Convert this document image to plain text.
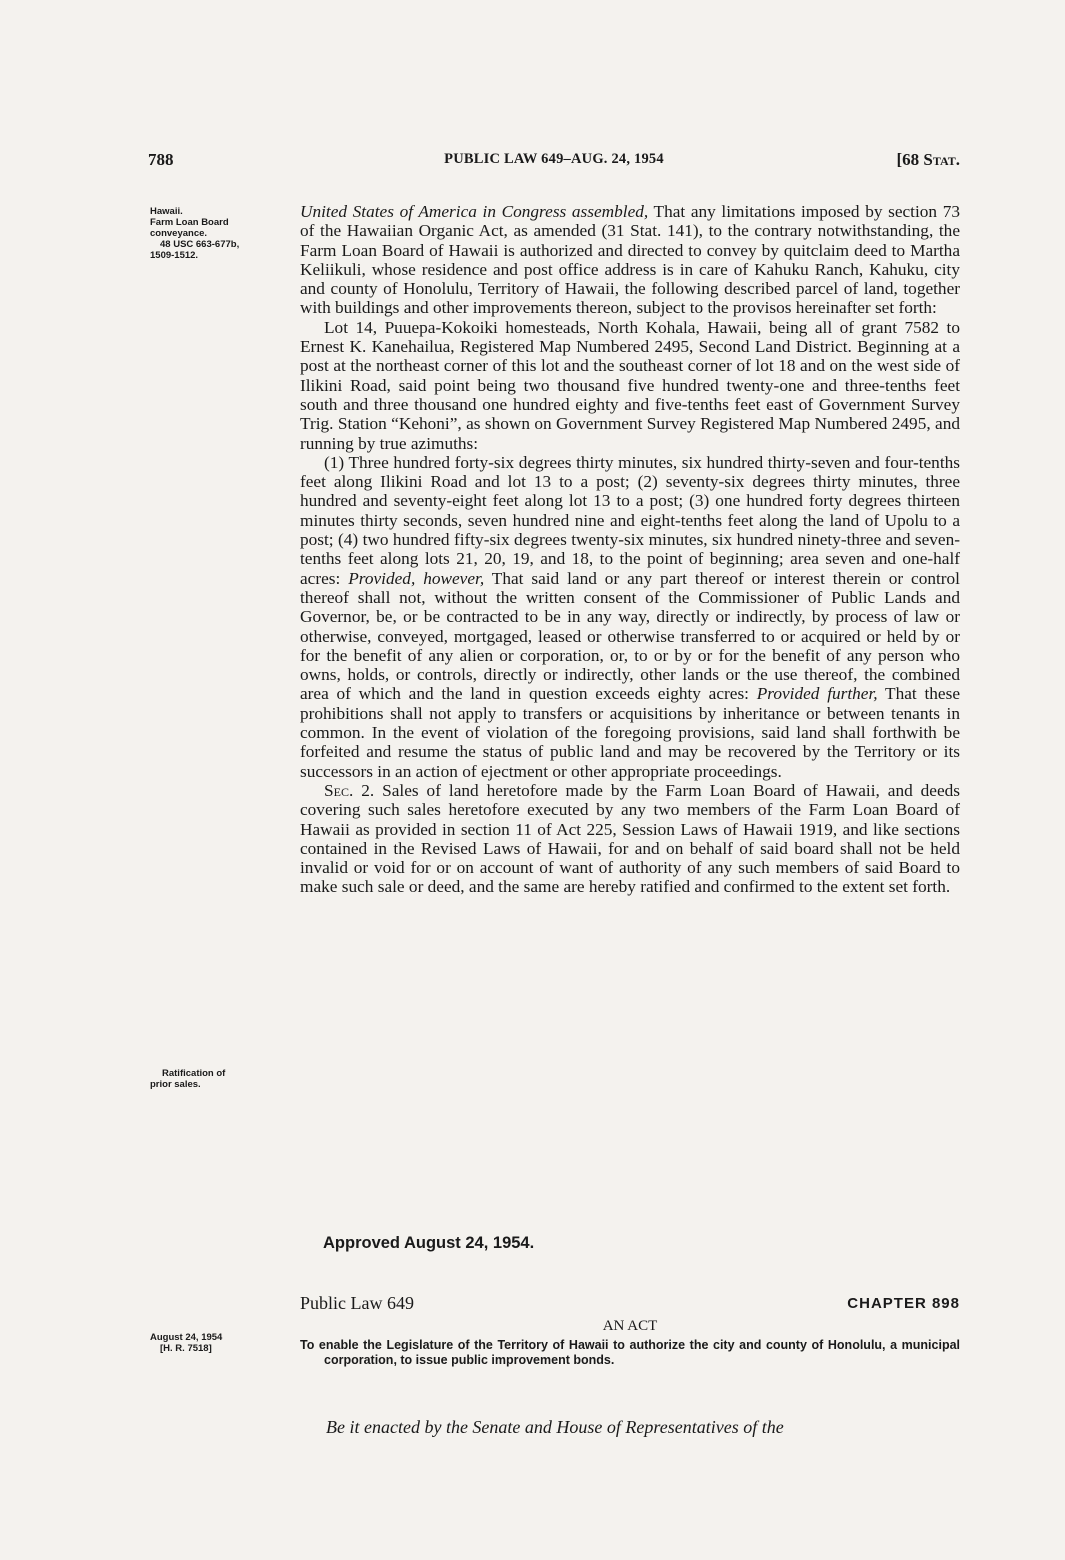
788	PUBLIC LAW 649–AUG. 24, 1954	[68 Stat.
Hawaii.
Farm Loan Board
conveyance.
48 USC 663-677b,
1509-1512.
Ratification of
prior sales.

United States of America in Congress assembled, That any limitations imposed by section 73 of the Hawaiian Organic Act, as amended (31 Stat. 141), to the contrary notwithstanding, the Farm Loan Board of Hawaii is authorized and directed to convey by quitclaim deed to Martha Keliikuli, whose residence and post office address is in care of Kahuku Ranch, Kahuku, city and county of Honolulu, Territory of Hawaii, the following described parcel of land, together with buildings and other improvements thereon, subject to the provisos hereinafter set forth:

Lot 14, Puuepa-Kokoiki homesteads, North Kohala, Hawaii, being all of grant 7582 to Ernest K. Kanehailua, Registered Map Numbered 2495, Second Land District. Beginning at a post at the northeast corner of this lot and the southeast corner of lot 18 and on the west side of Ilikini Road, said point being two thousand five hundred twenty-one and three-tenths feet south and three thousand one hundred eighty and five-tenths feet east of Government Survey Trig. Station “Kehoni”, as shown on Government Survey Registered Map Numbered 2495, and running by true azimuths:

(1) Three hundred forty-six degrees thirty minutes, six hundred thirty-seven and four-tenths feet along Ilikini Road and lot 13 to a post; (2) seventy-six degrees thirty minutes, three hundred and seventy-eight feet along lot 13 to a post; (3) one hundred forty degrees thirteen minutes thirty seconds, seven hundred nine and eight-tenths feet along the land of Upolu to a post; (4) two hundred fifty-six degrees twenty-six minutes, six hundred ninety-three and seven-tenths feet along lots 21, 20, 19, and 18, to the point of beginning; area seven and one-half acres: Provided, however, That said land or any part thereof or interest therein or control thereof shall not, without the written consent of the Commissioner of Public Lands and Governor, be, or be contracted to be in any way, directly or indirectly, by process of law or otherwise, conveyed, mortgaged, leased or otherwise transferred to or acquired or held by or for the benefit of any alien or corporation, or, to or by or for the benefit of any person who owns, holds, or controls, directly or indirectly, other lands or the use thereof, the combined area of which and the land in question exceeds eighty acres: Provided further, That these prohibitions shall not apply to transfers or acquisitions by inheritance or between tenants in common. In the event of violation of the foregoing provisions, said land shall forthwith be forfeited and resume the status of public land and may be recovered by the Territory or its successors in an action of ejectment or other appropriate proceedings.

Sec. 2. Sales of land heretofore made by the Farm Loan Board of Hawaii, and deeds covering such sales heretofore executed by any two members of the Farm Loan Board of Hawaii as provided in section 11 of Act 225, Session Laws of Hawaii 1919, and like sections contained in the Revised Laws of Hawaii, for and on behalf of said board shall not be held invalid or void for or on account of want of authority of any such members of said Board to make such sale or deed, and the same are hereby ratified and confirmed to the extent set forth.

Approved August 24, 1954.
Public Law 649	CHAPTER 898
August 24, 1954
[H. R. 7518]
AN ACT
To enable the Legislature of the Territory of Hawaii to authorize the city and county of Honolulu, a municipal corporation, to issue public improvement bonds.
Be it enacted by the Senate and House of Representatives of the
